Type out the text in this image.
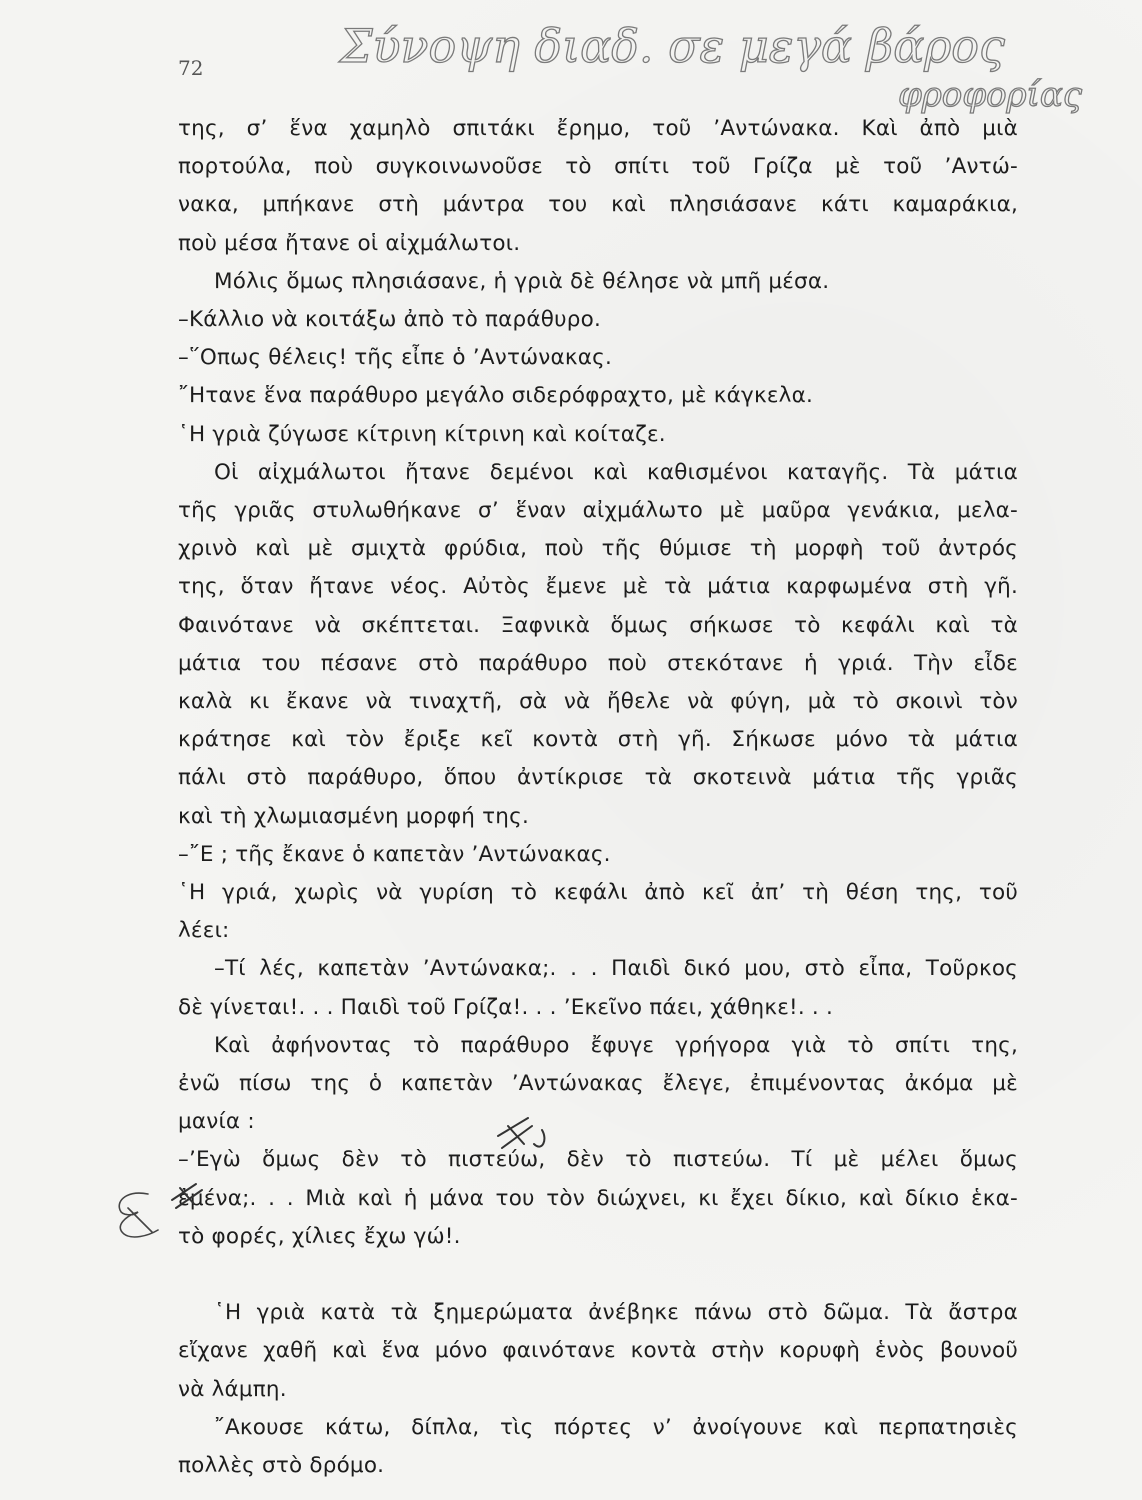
72	Σύνοψη διαδ. σε μεγά βάρος
φροφορίας
της, σ’ ἕνα χαμηλὸ σπιτάκι ἔρημο, τοῦ ’Αντώνακα. Καὶ ἀπὸ μιὰ
πορτούλα, ποὺ συγκοινωνοῦσε τὸ σπίτι τοῦ Γρίζα μὲ τοῦ ’Αντώ-
νακα, μπήκανε στὴ μάντρα του καὶ πλησιάσανε κάτι καμαράκια,
ποὺ μέσα ἤτανε οἱ αἰχμάλωτοι.
Μόλις ὅμως πλησιάσανε, ἡ γριὰ δὲ θέλησε νὰ μπῆ μέσα.
–Κάλλιο νὰ κοιτάξω ἀπὸ τὸ παράθυρο.
–῞Οπως θέλεις! τῆς εἶπε ὁ ’Αντώνακας.
῎Ητανε ἕνα παράθυρο μεγάλο σιδερόφραχτο, μὲ κάγκελα.
῾Η γριὰ ζύγωσε κίτρινη κίτρινη καὶ κοίταζε.
Οἱ αἰχμάλωτοι ἤτανε δεμένοι καὶ καθισμένοι καταγῆς. Τὰ μάτια
τῆς γριᾶς στυλωθήκανε σ’ ἕναν αἰχμάλωτο μὲ μαῦρα γενάκια, μελα-
χρινὸ καὶ μὲ σμιχτὰ φρύδια, ποὺ τῆς θύμισε τὴ μορφὴ τοῦ ἀντρός
της, ὅταν ἤτανε νέος. Αὐτὸς ἔμενε μὲ τὰ μάτια καρφωμένα στὴ γῆ.
Φαινότανε νὰ σκέπτεται. Ξαφνικὰ ὅμως σήκωσε τὸ κεφάλι καὶ τὰ
μάτια του πέσανε στὸ παράθυρο ποὺ στεκότανε ἡ γριά. Τὴν εἶδε
καλὰ κι ἔκανε νὰ τιναχτῆ, σὰ νὰ ἤθελε νὰ φύγη, μὰ τὸ σκοινὶ τὸν
κράτησε καὶ τὸν ἔριξε κεῖ κοντὰ στὴ γῆ. Σήκωσε μόνο τὰ μάτια
πάλι στὸ παράθυρο, ὅπου ἀντίκρισε τὰ σκοτεινὰ μάτια τῆς γριᾶς
καὶ τὴ χλωμιασμένη μορφή της.
–῎Ε ; τῆς ἔκανε ὁ καπετὰν ’Αντώνακας.
῾Η γριά, χωρὶς νὰ γυρίση τὸ κεφάλι ἀπὸ κεῖ ἀπ’ τὴ θέση της, τοῦ
λέει:
–Τί λές, καπετὰν ’Αντώνακα;. . . Παιδὶ δικό μου, στὸ εἶπα, Τοῦρκος
δὲ γίνεται!. . . Παιδὶ τοῦ Γρίζα!. . . ’Εκεῖνο πάει, χάθηκε!. . .
Καὶ ἀφήνοντας τὸ παράθυρο ἔφυγε γρήγορα γιὰ τὸ σπίτι της,
ἐνῶ πίσω της ὁ καπετὰν ’Αντώνακας ἔλεγε, ἐπιμένοντας ἀκόμα μὲ
μανία :
–’Εγὼ ὅμως δὲν τὸ πιστεύω, δὲν τὸ πιστεύω. Τί μὲ μέλει ὅμως
ἐμένα;. . . Μιὰ καὶ ἡ μάνα του τὸν διώχνει, κι ἔχει δίκιο, καὶ δίκιο ἑκα-
τὸ φορές, χίλιες ἔχω γώ!.
῾Η γριὰ κατὰ τὰ ξημερώματα ἀνέβηκε πάνω στὸ δῶμα. Τὰ ἄστρα
εἴχανε χαθῆ καὶ ἕνα μόνο φαινότανε κοντὰ στὴν κορυφὴ ἑνὸς βουνοῦ
νὰ λάμπη.
῎Ακουσε κάτω, δίπλα, τὶς πόρτες ν’ ἀνοίγουνε καὶ περπατησιὲς
πολλὲς στὸ δρόμο.
